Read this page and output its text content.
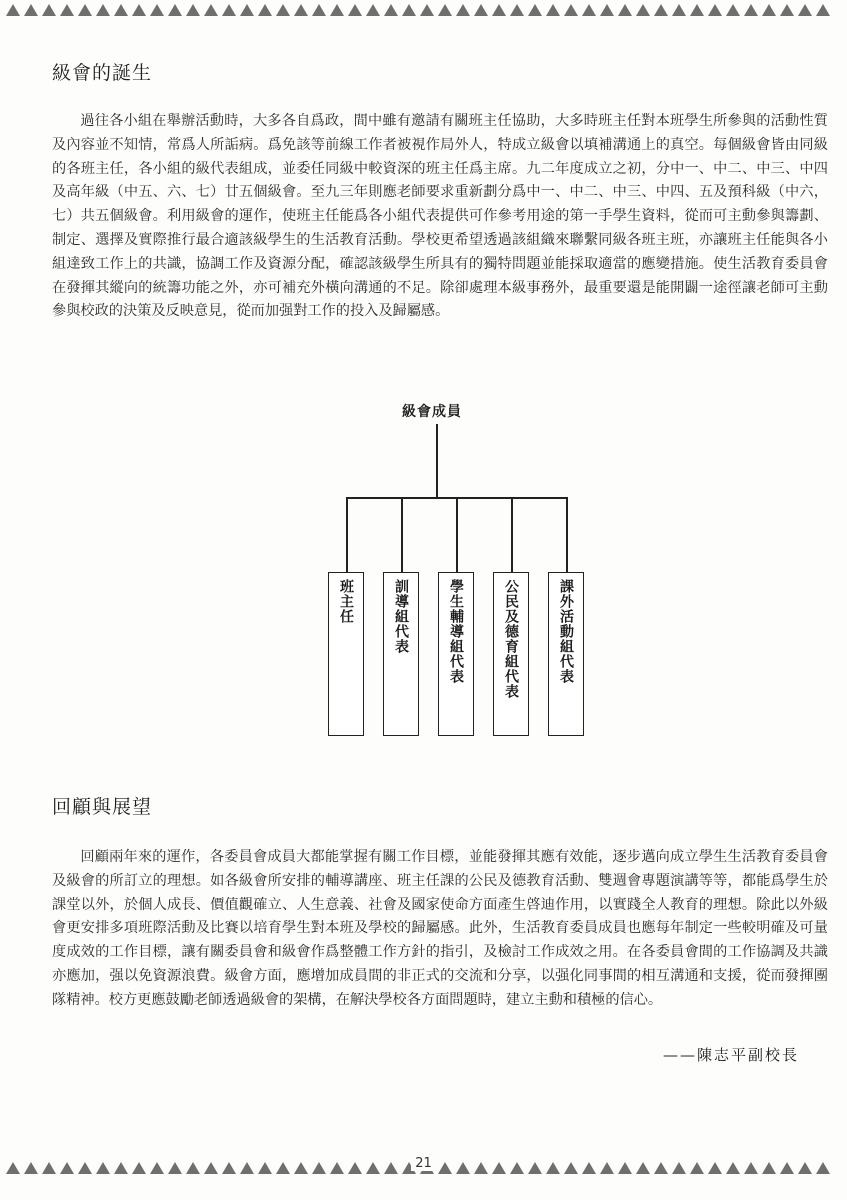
級會的誕生

過往各小組在舉辦活動時，大多各自爲政，間中雖有邀請有關班主任協助，大多時班主任對本班學生所參與的活動性質及內容並不知情，常爲人所詬病。爲免該等前線工作者被視作局外人，特成立級會以填補溝通上的真空。每個級會皆由同級的各班主任，各小組的級代表組成，並委任同級中較資深的班主任爲主席。九二年度成立之初，分中一、中二、中三、中四及高年級（中五、六、七）廿五個級會。至九三年則應老師要求重新劃分爲中一、中二、中三、中四、五及預科級（中六，七）共五個級會。利用級會的運作，使班主任能爲各小組代表提供可作參考用途的第一手學生資料，從而可主動參與籌劃、制定、選擇及實際推行最合適該級學生的生活教育活動。學校更希望透過該組織來聯繫同級各班主班，亦讓班主任能與各小組達致工作上的共識，協調工作及資源分配，確認該級學生所具有的獨特問題並能採取適當的應變措施。使生活教育委員會在發揮其縱向的統籌功能之外，亦可補充外橫向溝通的不足。除卻處理本級事務外，最重要還是能開闢一途徑讓老師可主動參與校政的決策及反映意見，從而加强對工作的投入及歸屬感。

級會成員
班主任	訓導組代表	學生輔導組代表	公民及德育組代表	課外活動組代表
回顧與展望

回顧兩年來的運作，各委員會成員大都能掌握有關工作目標，並能發揮其應有效能，逐步邁向成立學生生活教育委員會及級會的所訂立的理想。如各級會所安排的輔導講座、班主任課的公民及德教育活動、雙週會專題演講等等，都能爲學生於課堂以外，於個人成長、價值觀確立、人生意義、社會及國家使命方面產生啓迪作用，以實踐全人教育的理想。除此以外級會更安排多項班際活動及比賽以培育學生對本班及學校的歸屬感。此外，生活教育委員成員也應每年制定一些較明確及可量度成效的工作目標，讓有關委員會和級會作爲整體工作方針的指引，及檢討工作成效之用。在各委員會間的工作協調及共識亦應加，强以免資源浪費。級會方面，應增加成員間的非正式的交流和分享，以强化同事間的相互溝通和支援，從而發揮團隊精神。校方更應鼓勵老師透過級會的架構，在解決學校各方面問題時，建立主動和積極的信心。

——陳志平副校長
21
